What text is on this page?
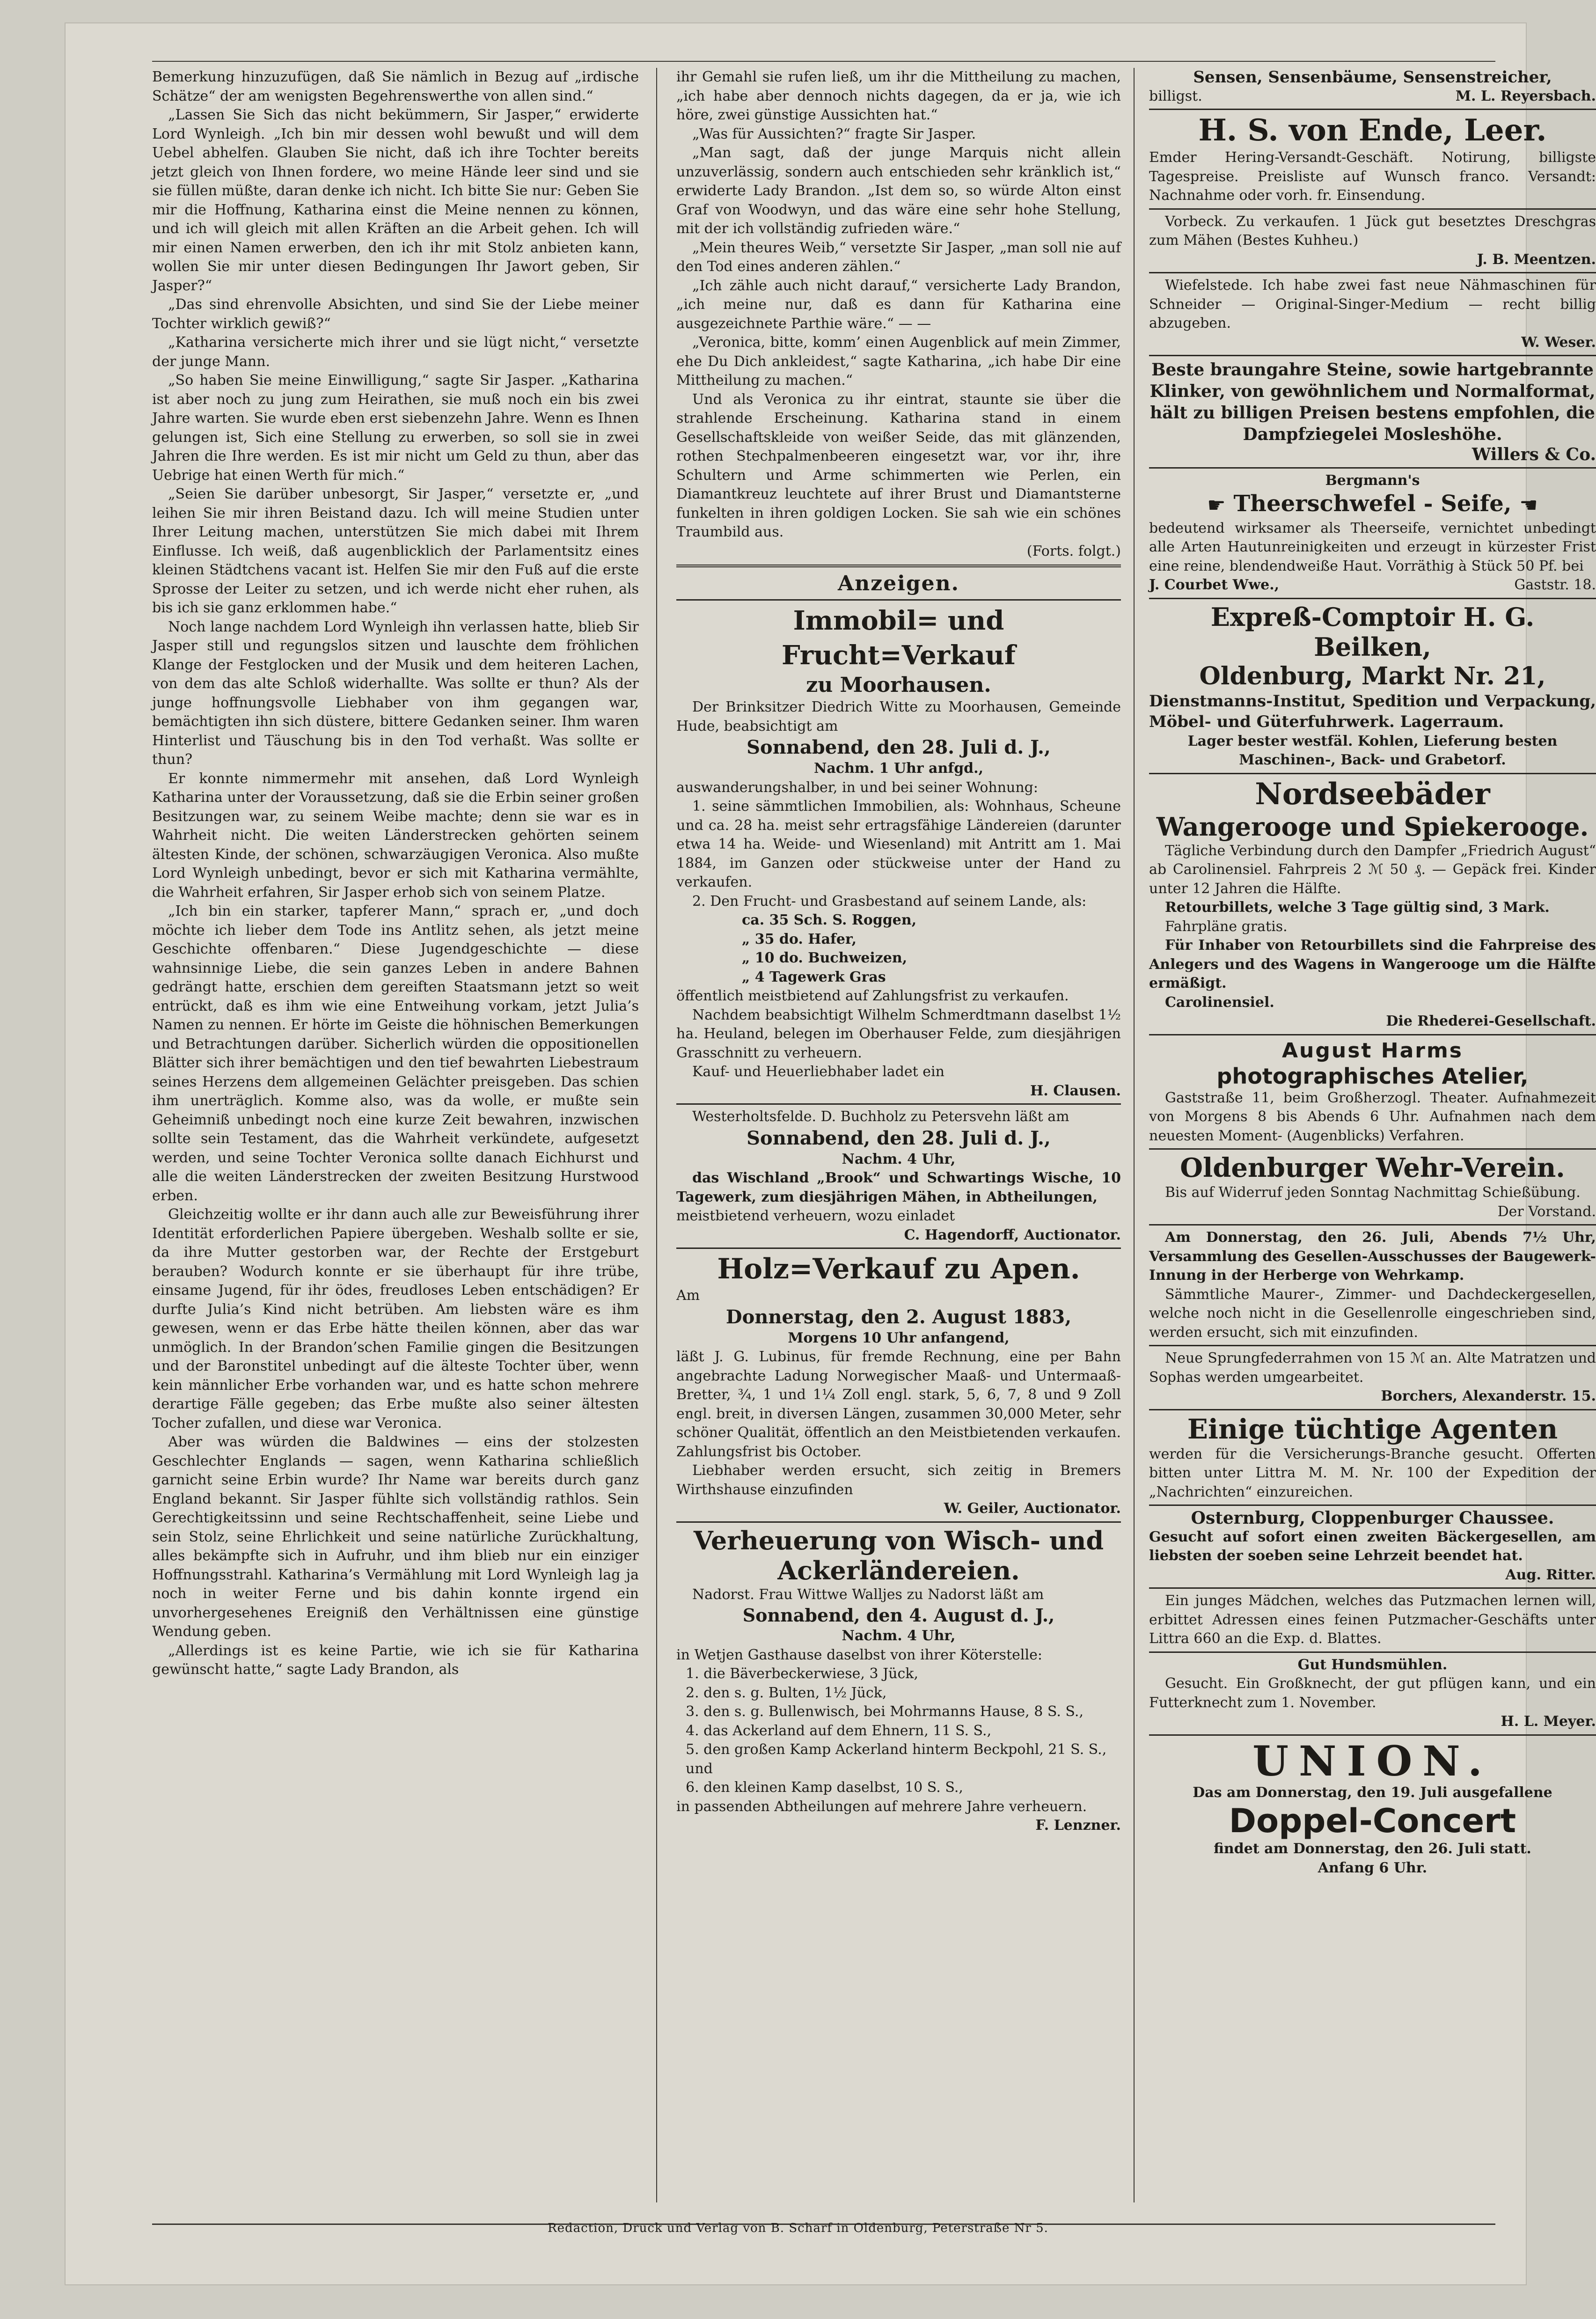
Bemerkung hinzuzufügen, daß Sie nämlich in Bezug auf „irdische Schätze“ der am wenigsten Begehrenswerthe von allen sind.“

„Lassen Sie Sich das nicht bekümmern, Sir Jasper,“ erwiderte Lord Wynleigh. „Ich bin mir dessen wohl bewußt und will dem Uebel abhelfen. Glauben Sie nicht, daß ich ihre Tochter bereits jetzt gleich von Ihnen fordere, wo meine Hände leer sind und sie sie füllen müßte, daran denke ich nicht. Ich bitte Sie nur: Geben Sie mir die Hoffnung, Katharina einst die Meine nennen zu können, und ich will gleich mit allen Kräften an die Arbeit gehen. Ich will mir einen Namen erwerben, den ich ihr mit Stolz anbieten kann, wollen Sie mir unter diesen Bedingungen Ihr Jawort geben, Sir Jasper?“

„Das sind ehrenvolle Absichten, und sind Sie der Liebe meiner Tochter wirklich gewiß?“

„Katharina versicherte mich ihrer und sie lügt nicht,“ versetzte der junge Mann.

„So haben Sie meine Einwilligung,“ sagte Sir Jasper. „Katharina ist aber noch zu jung zum Heirathen, sie muß noch ein bis zwei Jahre warten. Sie wurde eben erst siebenzehn Jahre. Wenn es Ihnen gelungen ist, Sich eine Stellung zu erwerben, so soll sie in zwei Jahren die Ihre werden. Es ist mir nicht um Geld zu thun, aber das Uebrige hat einen Werth für mich.“

„Seien Sie darüber unbesorgt, Sir Jasper,“ versetzte er, „und leihen Sie mir ihren Beistand dazu. Ich will meine Studien unter Ihrer Leitung machen, unterstützen Sie mich dabei mit Ihrem Einflusse. Ich weiß, daß augenblicklich der Parlamentsitz eines kleinen Städtchens vacant ist. Helfen Sie mir den Fuß auf die erste Sprosse der Leiter zu setzen, und ich werde nicht eher ruhen, als bis ich sie ganz erklommen habe.“

Noch lange nachdem Lord Wynleigh ihn verlassen hatte, blieb Sir Jasper still und regungslos sitzen und lauschte dem fröhlichen Klange der Festglocken und der Musik und dem heiteren Lachen, von dem das alte Schloß widerhallte. Was sollte er thun? Als der junge hoffnungsvolle Liebhaber von ihm gegangen war, bemächtigten ihn sich düstere, bittere Gedanken seiner. Ihm waren Hinterlist und Täuschung bis in den Tod verhaßt. Was sollte er thun?

Er konnte nimmermehr mit ansehen, daß Lord Wynleigh Katharina unter der Voraussetzung, daß sie die Erbin seiner großen Besitzungen war, zu seinem Weibe machte; denn sie war es in Wahrheit nicht. Die weiten Länderstrecken gehörten seinem ältesten Kinde, der schönen, schwarzäugigen Veronica. Also mußte Lord Wynleigh unbedingt, bevor er sich mit Katharina vermählte, die Wahrheit erfahren, Sir Jasper erhob sich von seinem Platze.

„Ich bin ein starker, tapferer Mann,“ sprach er, „und doch möchte ich lieber dem Tode ins Antlitz sehen, als jetzt meine Geschichte offenbaren.“ Diese Jugendgeschichte — diese wahnsinnige Liebe, die sein ganzes Leben in andere Bahnen gedrängt hatte, erschien dem gereiften Staatsmann jetzt so weit entrückt, daß es ihm wie eine Entweihung vorkam, jetzt Julia’s Namen zu nennen. Er hörte im Geiste die höhnischen Bemerkungen und Betrachtungen darüber. Sicherlich würden die oppositionellen Blätter sich ihrer bemächtigen und den tief bewahrten Liebestraum seines Herzens dem allgemeinen Gelächter preisgeben. Das schien ihm unerträglich. Komme also, was da wolle, er mußte sein Geheimniß unbedingt noch eine kurze Zeit bewahren, inzwischen sollte sein Testament, das die Wahrheit verkündete, aufgesetzt werden, und seine Tochter Veronica sollte danach Eichhurst und alle die weiten Länderstrecken der zweiten Besitzung Hurstwood erben.

Gleichzeitig wollte er ihr dann auch alle zur Beweisführung ihrer Identität erforderlichen Papiere übergeben. Weshalb sollte er sie, da ihre Mutter gestorben war, der Rechte der Erstgeburt berauben? Wodurch konnte er sie überhaupt für ihre trübe, einsame Jugend, für ihr ödes, freudloses Leben entschädigen? Er durfte Julia’s Kind nicht betrüben. Am liebsten wäre es ihm gewesen, wenn er das Erbe hätte theilen können, aber das war unmöglich. In der Brandon’schen Familie gingen die Besitzungen und der Baronstitel unbedingt auf die älteste Tochter über, wenn kein männlicher Erbe vorhanden war, und es hatte schon mehrere derartige Fälle gegeben; das Erbe mußte also seiner ältesten Tocher zufallen, und diese war Veronica.

Aber was würden die Baldwines — eins der stolzesten Geschlechter Englands — sagen, wenn Katharina schließlich garnicht seine Erbin wurde? Ihr Name war bereits durch ganz England bekannt. Sir Jasper fühlte sich vollständig rathlos. Sein Gerechtigkeitssinn und seine Rechtschaffenheit, seine Liebe und sein Stolz, seine Ehrlichkeit und seine natürliche Zurückhaltung, alles bekämpfte sich in Aufruhr, und ihm blieb nur ein einziger Hoffnungsstrahl. Katharina’s Vermählung mit Lord Wynleigh lag ja noch in weiter Ferne und bis dahin konnte irgend ein unvorhergesehenes Ereigniß den Verhältnissen eine günstige Wendung geben.

„Allerdings ist es keine Partie, wie ich sie für Katharina gewünscht hatte,“ sagte Lady Brandon, als

ihr Gemahl sie rufen ließ, um ihr die Mittheilung zu machen, „ich habe aber dennoch nichts dagegen, da er ja, wie ich höre, zwei günstige Aussichten hat.“

„Was für Aussichten?“ fragte Sir Jasper.

„Man sagt, daß der junge Marquis nicht allein unzuverlässig, sondern auch entschieden sehr kränklich ist,“ erwiderte Lady Brandon. „Ist dem so, so würde Alton einst Graf von Woodwyn, und das wäre eine sehr hohe Stellung, mit der ich vollständig zufrieden wäre.“

„Mein theures Weib,“ versetzte Sir Jasper, „man soll nie auf den Tod eines anderen zählen.“

„Ich zähle auch nicht darauf,“ versicherte Lady Brandon, „ich meine nur, daß es dann für Katharina eine ausgezeichnete Parthie wäre.“ — —

„Veronica, bitte, komm’ einen Augenblick auf mein Zimmer, ehe Du Dich ankleidest,“ sagte Katharina, „ich habe Dir eine Mittheilung zu machen.“

Und als Veronica zu ihr eintrat, staunte sie über die strahlende Erscheinung. Katharina stand in einem Gesellschaftskleide von weißer Seide, das mit glänzenden, rothen Stechpalmenbeeren eingesetzt war, vor ihr, ihre Schultern und Arme schimmerten wie Perlen, ein Diamantkreuz leuchtete auf ihrer Brust und Diamantsterne funkelten in ihren goldigen Locken. Sie sah wie ein schönes Traumbild aus.

(Forts. folgt.)

Anzeigen.

Immobil= und Frucht=Verkauf

zu Moorhausen.

Der Brinksitzer Diedrich Witte zu Moorhausen, Gemeinde Hude, beabsichtigt am

Sonnabend, den 28. Juli d. J.,

Nachm. 1 Uhr anfgd.,

auswanderungshalber, in und bei seiner Wohnung:

1. seine sämmtlichen Immobilien, als: Wohnhaus, Scheune und ca. 28 ha. meist sehr ertragsfähige Ländereien (darunter etwa 14 ha. Weide- und Wiesenland) mit Antritt am 1. Mai 1884, im Ganzen oder stückweise unter der Hand zu verkaufen.

2. Den Frucht- und Grasbestand auf seinem Lande, als:

ca. 35 Sch. S. Roggen,

„ 35 do. Hafer,

„ 10 do. Buchweizen,

„ 4 Tagewerk Gras

öffentlich meistbietend auf Zahlungsfrist zu verkaufen.

Nachdem beabsichtigt Wilhelm Schmerdtmann daselbst 1½ ha. Heuland, belegen im Oberhauser Felde, zum diesjährigen Grasschnitt zu verheuern.

Kauf- und Heuerliebhaber ladet ein

H. Clausen.

Westerholtsfelde. D. Buchholz zu Petersvehn läßt am

Sonnabend, den 28. Juli d. J.,

Nachm. 4 Uhr,

das Wischland „Brook“ und Schwartings Wische, 10 Tagewerk, zum diesjährigen Mähen, in Abtheilungen,

meistbietend verheuern, wozu einladet

C. Hagendorff, Auctionator.

Holz=Verkauf zu Apen.

Am

Donnerstag, den 2. August 1883,

Morgens 10 Uhr anfangend,

läßt J. G. Lubinus, für fremde Rechnung, eine per Bahn angebrachte Ladung Norwegischer Maaß- und Untermaaß-Bretter, ¾, 1 und 1¼ Zoll engl. stark, 5, 6, 7, 8 und 9 Zoll engl. breit, in diversen Längen, zusammen 30,000 Meter, sehr schöner Qualität, öffentlich an den Meistbietenden verkaufen. Zahlungsfrist bis October.

Liebhaber werden ersucht, sich zeitig in Bremers Wirthshause einzufinden

W. Geiler, Auctionator.

Verheuerung von Wisch- und

Ackerländereien.

Nadorst. Frau Wittwe Walljes zu Nadorst läßt am

Sonnabend, den 4. August d. J.,

Nachm. 4 Uhr,

in Wetjen Gasthause daselbst von ihrer Köterstelle:

1. die Bäverbeckerwiese, 3 Jück,

2. den s. g. Bulten, 1½ Jück,

3. den s. g. Bullenwisch, bei Mohrmanns Hause, 8 S. S.,

4. das Ackerland auf dem Ehnern, 11 S. S.,

5. den großen Kamp Ackerland hinterm Beckpohl, 21 S. S., und

6. den kleinen Kamp daselbst, 10 S. S.,

in passenden Abtheilungen auf mehrere Jahre verheuern.

F. Lenzner.

Sensen, Sensenbäume, Sensenstreicher,

billigst.	M. L. Reyersbach.

H. S. von Ende, Leer.

Emder Hering-Versandt-Geschäft. Notirung, billigste Tagespreise. Preisliste auf Wunsch franco. Versandt: Nachnahme oder vorh. fr. Einsendung.

Vorbeck. Zu verkaufen. 1 Jück gut besetztes Dreschgras zum Mähen (Bestes Kuhheu.)

J. B. Meentzen.

Wiefelstede. Ich habe zwei fast neue Nähmaschinen für Schneider — Original-Singer-Medium — recht billig abzugeben.

W. Weser.

Beste braungahre Steine, sowie hartgebrannte Klinker, von gewöhnlichem und Normalformat, hält zu billigen Preisen bestens empfohlen, die Dampfziegelei Mosleshöhe.

Willers & Co.

Bergmann's

☛ Theerschwefel - Seife, ☚

bedeutend wirksamer als Theerseife, vernichtet unbedingt alle Arten Hautunreinigkeiten und erzeugt in kürzester Frist eine reine, blendendweiße Haut. Vorräthig à Stück 50 Pf. bei

J. Courbet Wwe.,	Gaststr. 18.

Expreß-Comptoir H. G. Beilken,

Oldenburg, Markt Nr. 21,

Dienstmanns-Institut, Spedition und Verpackung, Möbel- und Güterfuhrwerk. Lagerraum.

Lager bester westfäl. Kohlen, Lieferung besten Maschinen-, Back- und Grabetorf.

Nordseebäder

Wangerooge und Spiekerooge.

Tägliche Verbindung durch den Dampfer „Friedrich August“ ab Carolinensiel. Fahrpreis 2 ℳ 50 ₰. — Gepäck frei. Kinder unter 12 Jahren die Hälfte.

Retourbillets, welche 3 Tage gültig sind, 3 Mark.

Fahrpläne gratis.

Für Inhaber von Retourbillets sind die Fahrpreise des Anlegers und des Wagens in Wangerooge um die Hälfte ermäßigt.

Carolinensiel.

Die Rhederei-Gesellschaft.

August Harms

photographisches Atelier,

Gaststraße 11, beim Großherzogl. Theater. Aufnahmezeit von Morgens 8 bis Abends 6 Uhr. Aufnahmen nach dem neuesten Moment- (Augenblicks) Verfahren.

Oldenburger Wehr-Verein.

Bis auf Widerruf jeden Sonntag Nachmittag Schießübung.

Der Vorstand.

Am Donnerstag, den 26. Juli, Abends 7½ Uhr, Versammlung des Gesellen-Ausschusses der Baugewerk-Innung in der Herberge von Wehrkamp.

Sämmtliche Maurer-, Zimmer- und Dachdeckergesellen, welche noch nicht in die Gesellenrolle eingeschrieben sind, werden ersucht, sich mit einzufinden.

Neue Sprungfederrahmen von 15 ℳ an. Alte Matratzen und Sophas werden umgearbeitet.

Borchers, Alexanderstr. 15.

Einige tüchtige Agenten

werden für die Versicherungs-Branche gesucht. Offerten bitten unter Littra M. M. Nr. 100 der Expedition der „Nachrichten“ einzureichen.

Osternburg, Cloppenburger Chaussee.

Gesucht auf sofort einen zweiten Bäckergesellen, am liebsten der soeben seine Lehrzeit beendet hat.

Aug. Ritter.

Ein junges Mädchen, welches das Putzmachen lernen will, erbittet Adressen eines feinen Putzmacher-Geschäfts unter Littra 660 an die Exp. d. Blattes.

Gut Hundsmühlen.

Gesucht. Ein Großknecht, der gut pflügen kann, und ein Futterknecht zum 1. November.

H. L. Meyer.

UNION.

Das am Donnerstag, den 19. Juli ausgefallene

Doppel-Concert

findet am Donnerstag, den 26. Juli statt.

Anfang 6 Uhr.

Redaction, Druck und Verlag von B. Scharf in Oldenburg, Peterstraße Nr 5.
